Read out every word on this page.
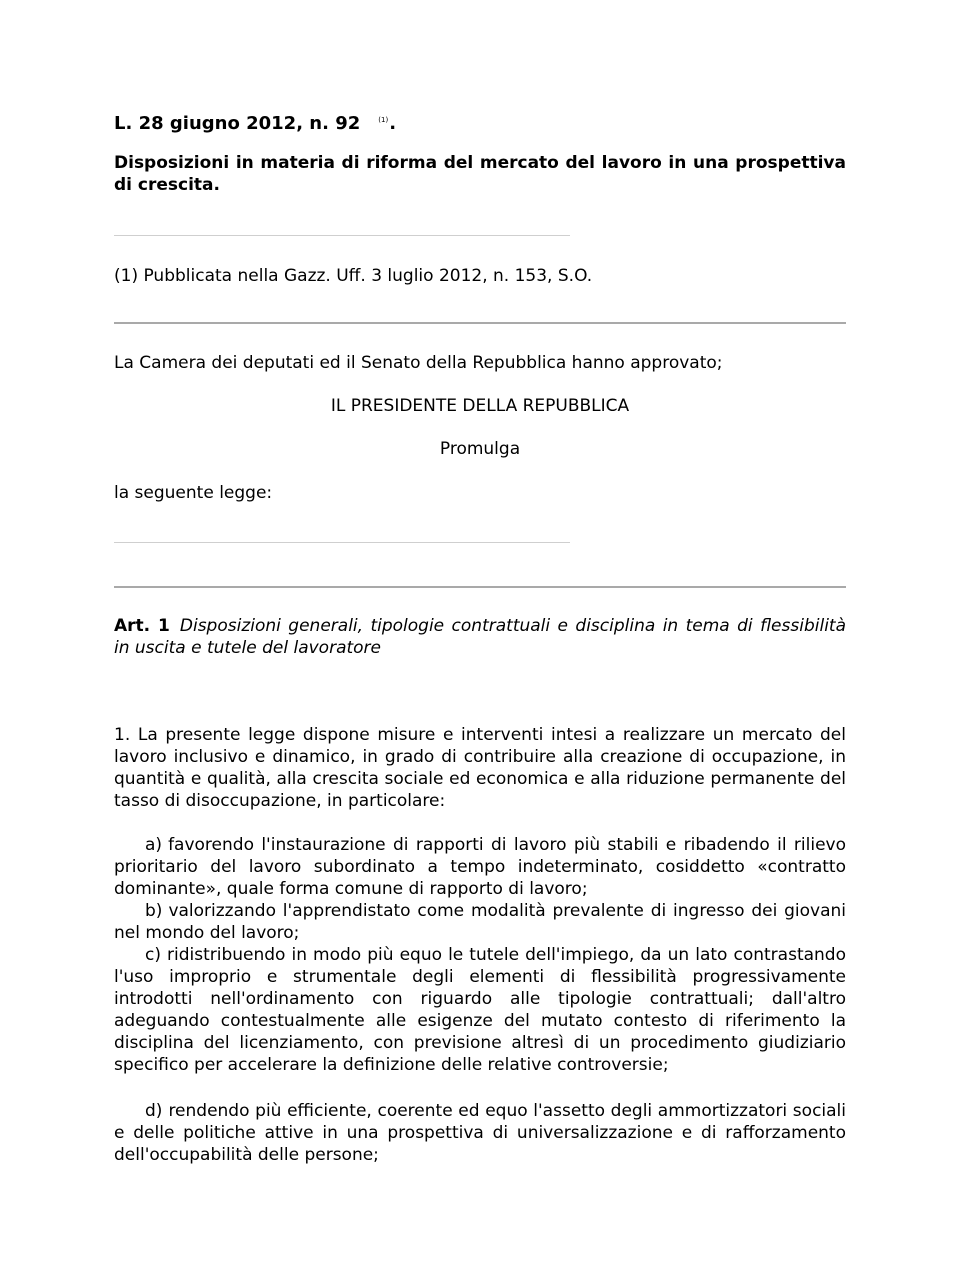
L. 28 giugno 2012, n. 92	$^{(1)}$.
Disposizioni in materia di riforma del mercato del lavoro in una prospettiva di crescita.
(1) Pubblicata nella Gazz. Uff. 3 luglio 2012, n. 153, S.O.
La Camera dei deputati ed il Senato della Repubblica hanno approvato;
IL PRESIDENTE DELLA REPUBBLICA
Promulga
la seguente legge:
Art. 1 Disposizioni generali, tipologie contrattuali e disciplina in tema di flessibilità in uscita e tutele del lavoratore

1. La presente legge dispone misure e interventi intesi a realizzare un mercato del lavoro inclusivo e dinamico, in grado di contribuire alla creazione di occupazione, in quantità e qualità, alla crescita sociale ed economica e alla riduzione permanente del tasso di disoccupazione, in particolare:

a) favorendo l'instaurazione di rapporti di lavoro più stabili e ribadendo il rilievo prioritario del lavoro subordinato a tempo indeterminato, cosiddetto «contratto dominante», quale forma comune di rapporto di lavoro;

b) valorizzando l'apprendistato come modalità prevalente di ingresso dei giovani nel mondo del lavoro;

c) ridistribuendo in modo più equo le tutele dell'impiego, da un lato contrastando l'uso improprio e strumentale degli elementi di flessibilità progressivamente introdotti nell'ordinamento con riguardo alle tipologie contrattuali; dall'altro adeguando contestualmente alle esigenze del mutato contesto di riferimento la disciplina del licenziamento, con previsione altresì di un procedimento giudiziario specifico per accelerare la definizione delle relative controversie;

d) rendendo più efficiente, coerente ed equo l'assetto degli ammortizzatori sociali e delle politiche attive in una prospettiva di universalizzazione e di rafforzamento dell'occupabilità delle persone;
